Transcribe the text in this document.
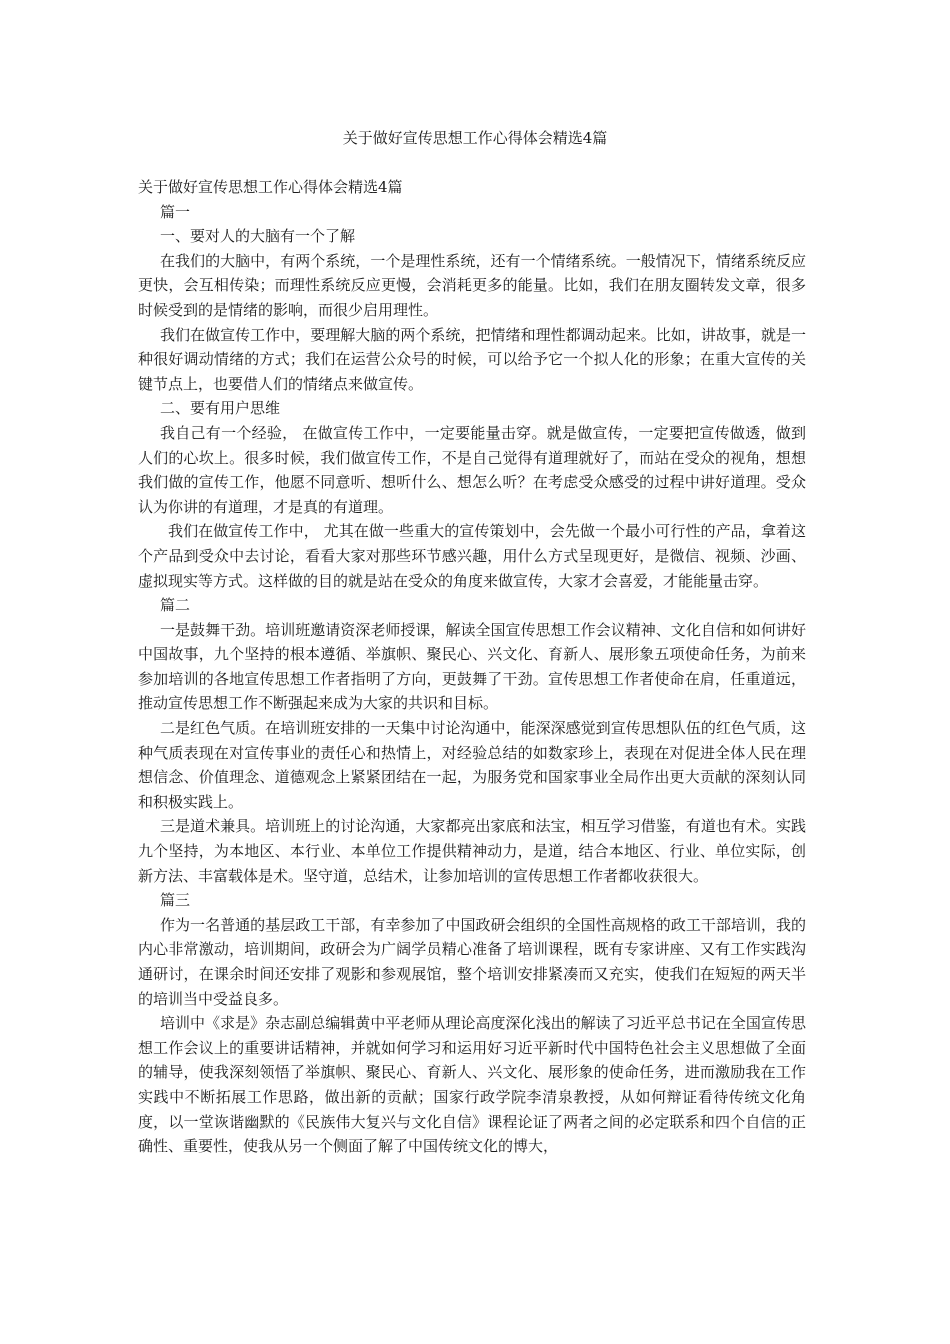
关于做好宣传思想工作心得体会精选4篇

关于做好宣传思想工作心得体会精选4篇

篇一

一、要对人的大脑有一个了解

在我们的大脑中，有两个系统，一个是理性系统，还有一个情绪系统。一般情况下，情绪系统反应更快，会互相传染；而理性系统反应更慢，会消耗更多的能量。比如，我们在朋友圈转发文章，很多时候受到的是情绪的影响，而很少启用理性。

我们在做宣传工作中，要理解大脑的两个系统，把情绪和理性都调动起来。比如，讲故事，就是一种很好调动情绪的方式；我们在运营公众号的时候，可以给予它一个拟人化的形象；在重大宣传的关键节点上，也要借人们的情绪点来做宣传。

二、要有用户思维

我自己有一个经验， 在做宣传工作中，一定要能量击穿。就是做宣传，一定要把宣传做透，做到人们的心坎上。很多时候，我们做宣传工作，不是自己觉得有道理就好了，而站在受众的视角，想想我们做的宣传工作，他愿不同意听、想听什么、想怎么听？在考虑受众感受的过程中讲好道理。受众认为你讲的有道理，才是真的有道理。

我们在做宣传工作中， 尤其在做一些重大的宣传策划中，会先做一个最小可行性的产品，拿着这个产品到受众中去讨论，看看大家对那些环节感兴趣，用什么方式呈现更好，是微信、视频、沙画、虚拟现实等方式。这样做的目的就是站在受众的角度来做宣传，大家才会喜爱，才能能量击穿。

篇二

一是鼓舞干劲。培训班邀请资深老师授课，解读全国宣传思想工作会议精神、文化自信和如何讲好中国故事，九个坚持的根本遵循、举旗帜、聚民心、兴文化、育新人、展形象五项使命任务，为前来参加培训的各地宣传思想工作者指明了方向，更鼓舞了干劲。宣传思想工作者使命在肩，任重道远， 推动宣传思想工作不断强起来成为大家的共识和目标。

二是红色气质。在培训班安排的一天集中讨论沟通中，能深深感觉到宣传思想队伍的红色气质，这种气质表现在对宣传事业的责任心和热情上，对经验总结的如数家珍上，表现在对促进全体人民在理想信念、价值理念、道德观念上紧紧团结在一起，为服务党和国家事业全局作出更大贡献的深刻认同和积极实践上。

三是道术兼具。培训班上的讨论沟通，大家都亮出家底和法宝，相互学习借鉴，有道也有术。实践九个坚持，为本地区、本行业、本单位工作提供精神动力，是道，结合本地区、行业、单位实际，创新方法、丰富载体是术。坚守道，总结术，让参加培训的宣传思想工作者都收获很大。

篇三

作为一名普通的基层政工干部，有幸参加了中国政研会组织的全国性高规格的政工干部培训，我的内心非常激动，培训期间，政研会为广阔学员精心准备了培训课程，既有专家讲座、又有工作实践沟通研讨，在课余时间还安排了观影和参观展馆，整个培训安排紧凑而又充实，使我们在短短的两天半的培训当中受益良多。

培训中《求是》杂志副总编辑黄中平老师从理论高度深化浅出的解读了习近平总书记在全国宣传思想工作会议上的重要讲话精神，并就如何学习和运用好习近平新时代中国特色社会主义思想做了全面的辅导，使我深刻领悟了举旗帜、聚民心、育新人、兴文化、展形象的使命任务，进而激励我在工作实践中不断拓展工作思路，做出新的贡献；国家行政学院李清泉教授，从如何辩证看待传统文化角度，以一堂诙谐幽默的《民族伟大复兴与文化自信》课程论证了两者之间的必定联系和四个自信的正确性、重要性，使我从另一个侧面了解了中国传统文化的博大，
